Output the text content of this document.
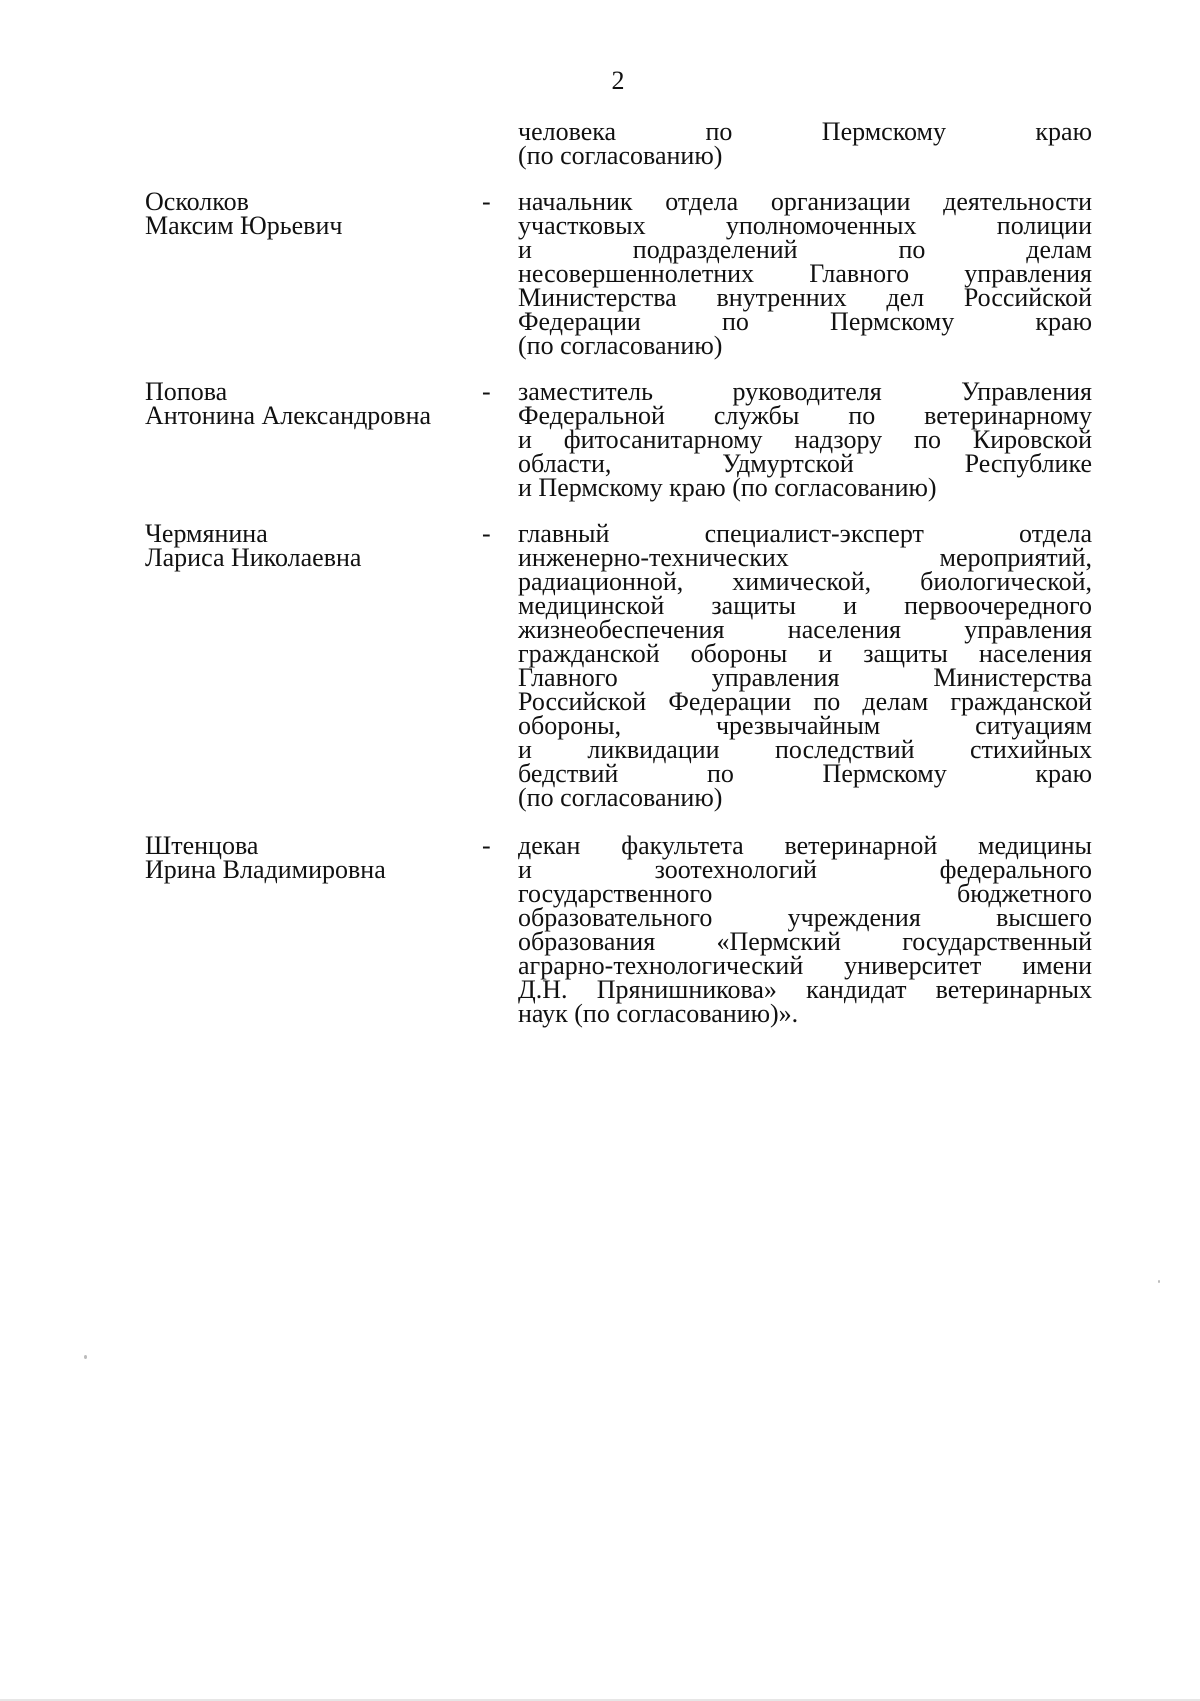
2
человека по Пермскому краю
(по согласованию)
Осколков
Максим Юрьевич
- начальник отдела организации деятельности
участковых уполномоченных полиции
и подразделений по делам
несовершеннолетних Главного управления
Министерства внутренних дел Российской
Федерации по Пермскому краю
(по согласованию)
Попова
Антонина Александровна
- заместитель руководителя Управления
Федеральной службы по ветеринарному
и фитосанитарному надзору по Кировской
области, Удмуртской Республике
и Пермскому краю (по согласованию)
Чермянина
Лариса Николаевна
- главный специалист-эксперт отдела
инженерно-технических мероприятий,
радиационной, химической, биологической,
медицинской защиты и первоочередного
жизнеобеспечения населения управления
гражданской обороны и защиты населения
Главного управления Министерства
Российской Федерации по делам гражданской
обороны, чрезвычайным ситуациям
и ликвидации последствий стихийных
бедствий по Пермскому краю
(по согласованию)
Штенцова
Ирина Владимировна
- декан факультета ветеринарной медицины
и зоотехнологий федерального
государственного бюджетного
образовательного учреждения высшего
образования «Пермский государственный
аграрно-технологический университет имени
Д.Н. Прянишникова» кандидат ветеринарных
наук (по согласованию)».
